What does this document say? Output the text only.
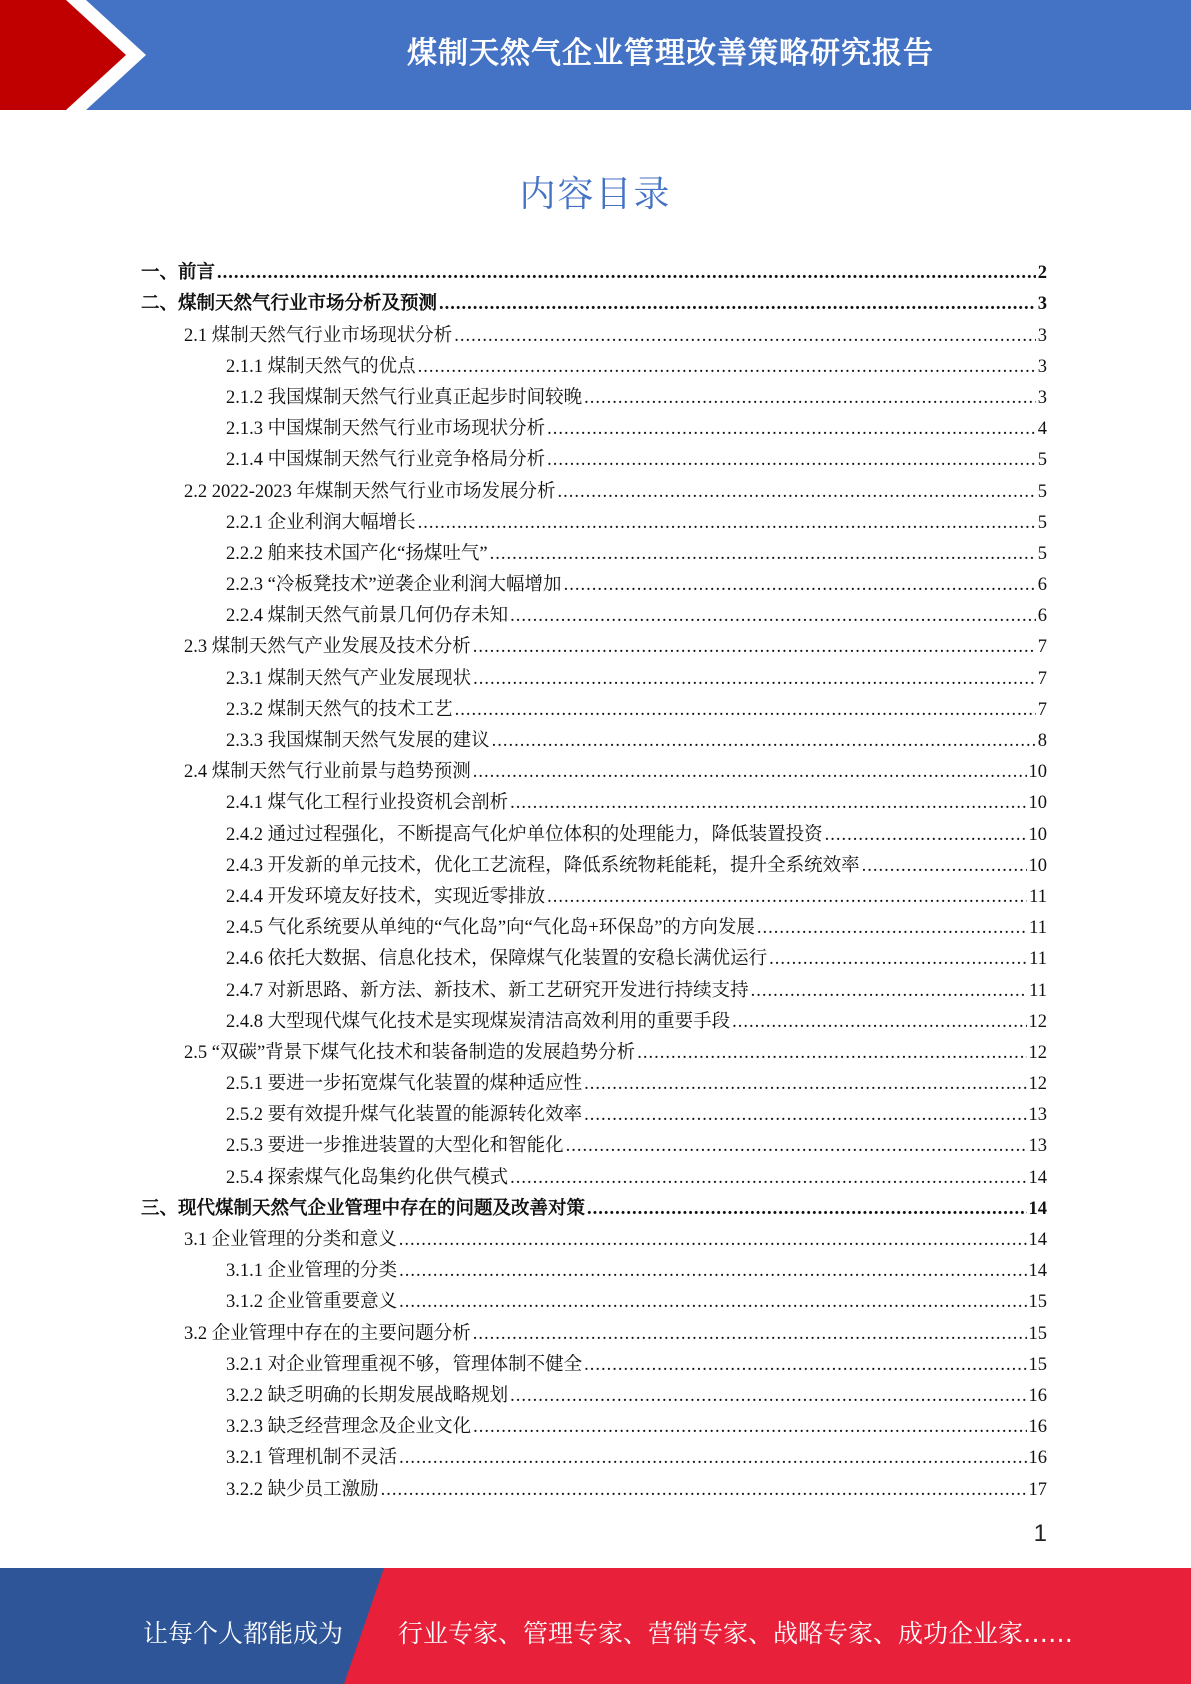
煤制天然气企业管理改善策略研究报告
内容目录
一、前言 .....	2
二、煤制天然气行业市场分析及预测 .....	3
2.1 煤制天然气行业市场现状分析 .....	3
2.1.1 煤制天然气的优点 .....	3
2.1.2 我国煤制天然气行业真正起步时间较晚 .....	3
2.1.3 中国煤制天然气行业市场现状分析 .....	4
2.1.4 中国煤制天然气行业竞争格局分析 .....	5
2.2 2022-2023 年煤制天然气行业市场发展分析 .....	5
2.2.1 企业利润大幅增长 .....	5
2.2.2 舶来技术国产化“扬煤吐气” .....	5
2.2.3 “冷板凳技术”逆袭企业利润大幅增加 .....	6
2.2.4 煤制天然气前景几何仍存未知 .....	6
2.3 煤制天然气产业发展及技术分析 .....	7
2.3.1 煤制天然气产业发展现状 .....	7
2.3.2 煤制天然气的技术工艺 .....	7
2.3.3 我国煤制天然气发展的建议 .....	8
2.4 煤制天然气行业前景与趋势预测 .....	10
2.4.1 煤气化工程行业投资机会剖析 .....	10
2.4.2 通过过程强化，不断提高气化炉单位体积的处理能力，降低装置投资 .....	10
2.4.3 开发新的单元技术，优化工艺流程，降低系统物耗能耗，提升全系统效率 .....	10
2.4.4 开发环境友好技术，实现近零排放 .....	11
2.4.5 气化系统要从单纯的“气化岛”向“气化岛+环保岛”的方向发展 .....	11
2.4.6 依托大数据、信息化技术，保障煤气化装置的安稳长满优运行 .....	11
2.4.7 对新思路、新方法、新技术、新工艺研究开发进行持续支持 .....	11
2.4.8 大型现代煤气化技术是实现煤炭清洁高效利用的重要手段 .....	12
2.5 “双碳”背景下煤气化技术和装备制造的发展趋势分析 .....	12
2.5.1 要进一步拓宽煤气化装置的煤种适应性 .....	12
2.5.2 要有效提升煤气化装置的能源转化效率 .....	13
2.5.3 要进一步推进装置的大型化和智能化 .....	13
2.5.4 探索煤气化岛集约化供气模式 .....	14
三、现代煤制天然气企业管理中存在的问题及改善对策 .....	14
3.1 企业管理的分类和意义 .....	14
3.1.1 企业管理的分类 .....	14
3.1.2 企业管重要意义 .....	15
3.2 企业管理中存在的主要问题分析 .....	15
3.2.1 对企业管理重视不够，管理体制不健全 .....	15
3.2.2 缺乏明确的长期发展战略规划 .....	16
3.2.3 缺乏经营理念及企业文化 .....	16
3.2.1 管理机制不灵活 .....	16
3.2.2 缺少员工激励 .....	17
1
让每个人都能成为 行业专家、管理专家、营销专家、战略专家、成功企业家……
